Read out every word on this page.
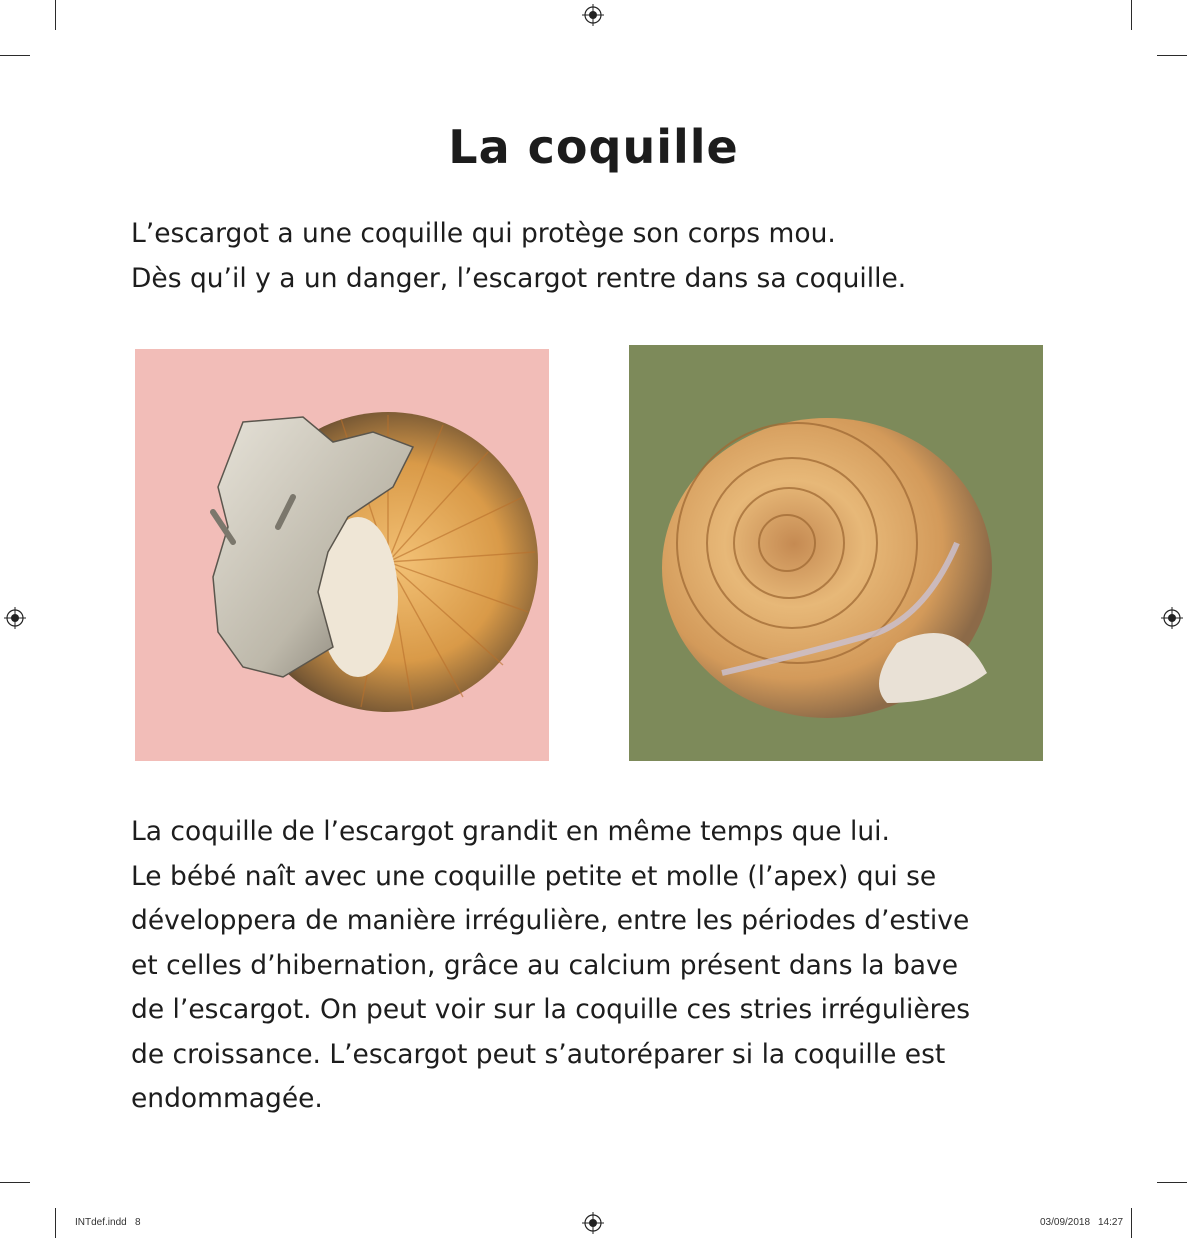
La coquille

L’escargot a une coquille qui protège son corps mou.

Dès qu’il y a un danger, l’escargot rentre dans sa coquille.

La coquille de l’escargot grandit en même temps que lui.

Le bébé naît avec une coquille petite et molle (l’apex) qui se

développera de manière irrégulière, entre les périodes d’estive

et celles d’hibernation, grâce au calcium présent dans la bave

de l’escargot. On peut voir sur la coquille ces stries irrégulières

de croissance. L’escargot peut s’autoréparer si la coquille est

endommagée.

INTdef.indd   8	03/09/2018 14:27
